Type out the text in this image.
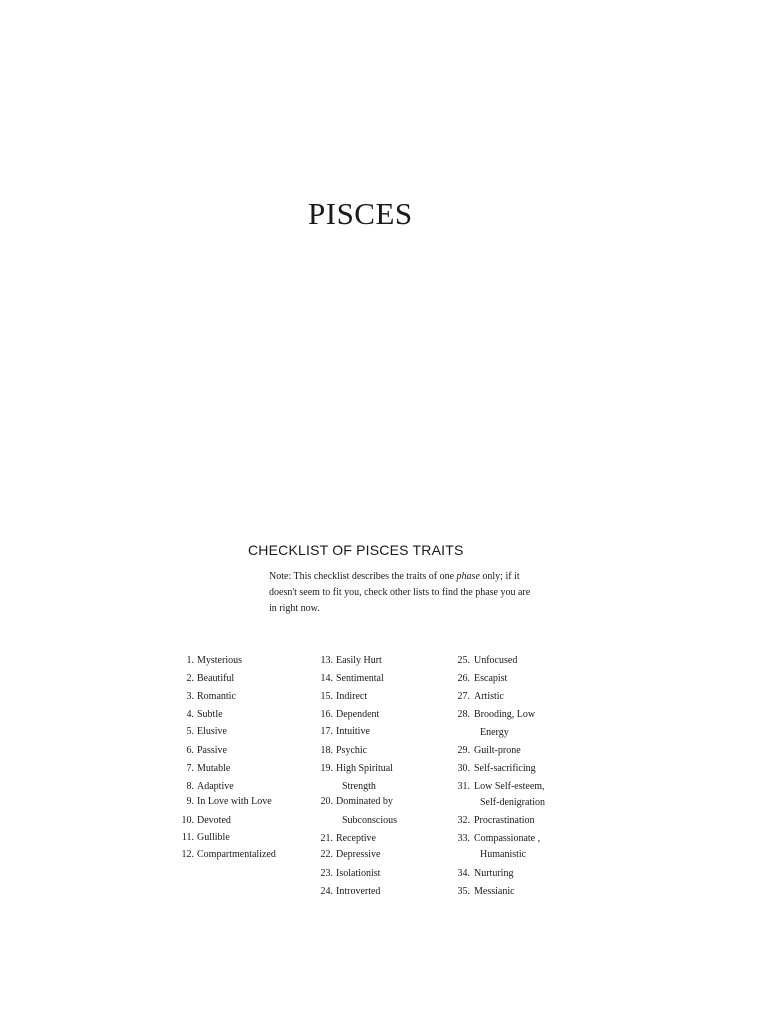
PISCES
CHECKLIST OF PISCES TRAITS
Note: This checklist describes the traits of one phase only; if it doesn't seem to fit you, check other lists to find the phase you are in right now.
1. Mysterious
2. Beautiful
3. Romantic
4. Subtle
5. Elusive
6. Passive
7. Mutable
8. Adaptive
9. In Love with Love
10. Devoted
11. Gullible
12. Compartmentalized
13. Easily Hurt
14. Sentimental
15. Indirect
16. Dependent
17. Intuitive
18. Psychic
19. High Spiritual
Strength
20. Dominated by
Subconscious
21. Receptive
22. Depressive
23. Isolationist
24. Introverted
25. Unfocused
26. Escapist
27. Artistic
28. Brooding, Low
Energy
29. Guilt-prone
30. Self-sacrificing
31. Low Self-esteem,
Self-denigration
32. Procrastination
33. Compassionate ,
Humanistic
34. Nurturing
35. Messianic
